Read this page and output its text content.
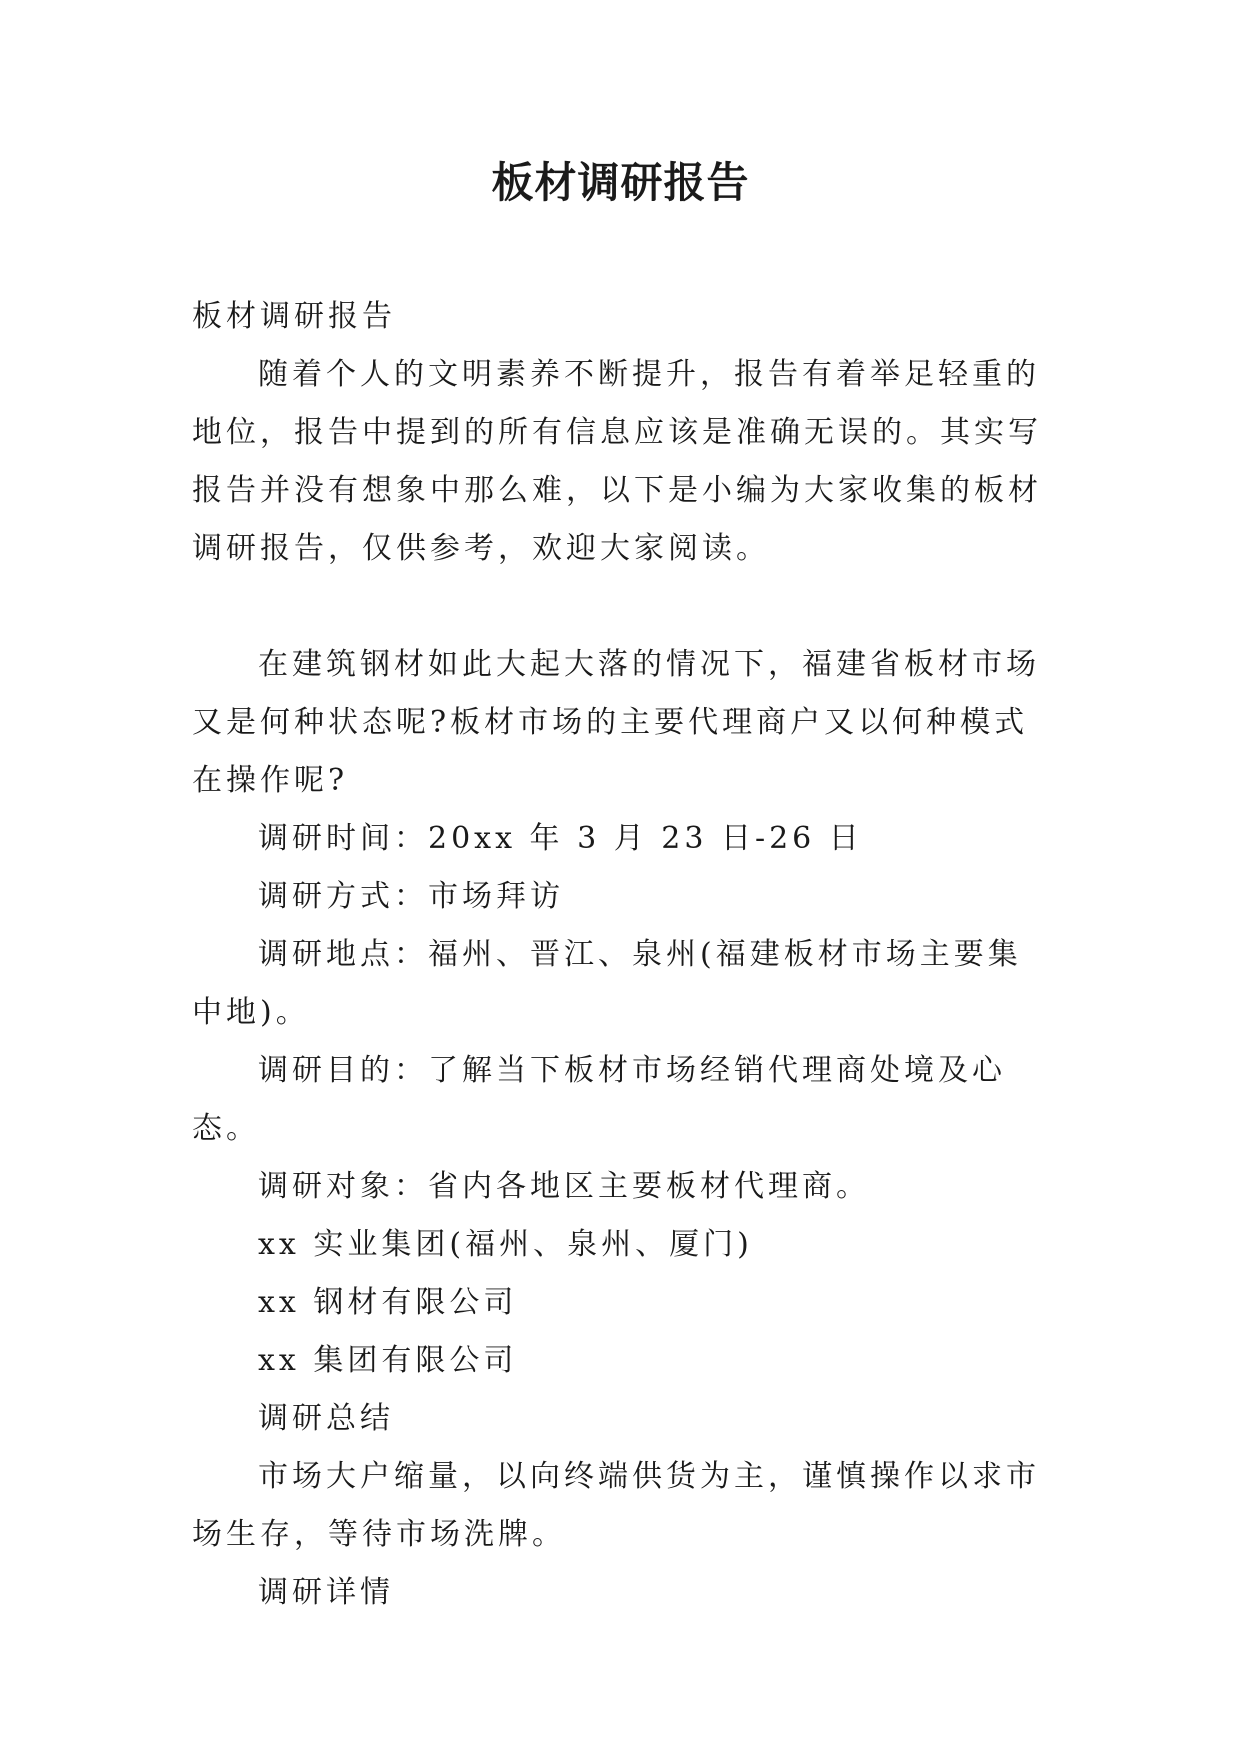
板材调研报告

板材调研报告

随着个人的文明素养不断提升，报告有着举足轻重的地位，报告中提到的所有信息应该是准确无误的。其实写报告并没有想象中那么难，以下是小编为大家收集的板材调研报告，仅供参考，欢迎大家阅读。

在建筑钢材如此大起大落的情况下，福建省板材市场又是何种状态呢?板材市场的主要代理商户又以何种模式在操作呢?

调研时间：20xx 年 3 月 23 日-26 日

调研方式：市场拜访

调研地点：福州、晋江、泉州(福建板材市场主要集中地)。

调研目的：了解当下板材市场经销代理商处境及心态。

调研对象：省内各地区主要板材代理商。

xx 实业集团(福州、泉州、厦门)

xx 钢材有限公司

xx 集团有限公司

调研总结

市场大户缩量，以向终端供货为主，谨慎操作以求市场生存，等待市场洗牌。

调研详情
